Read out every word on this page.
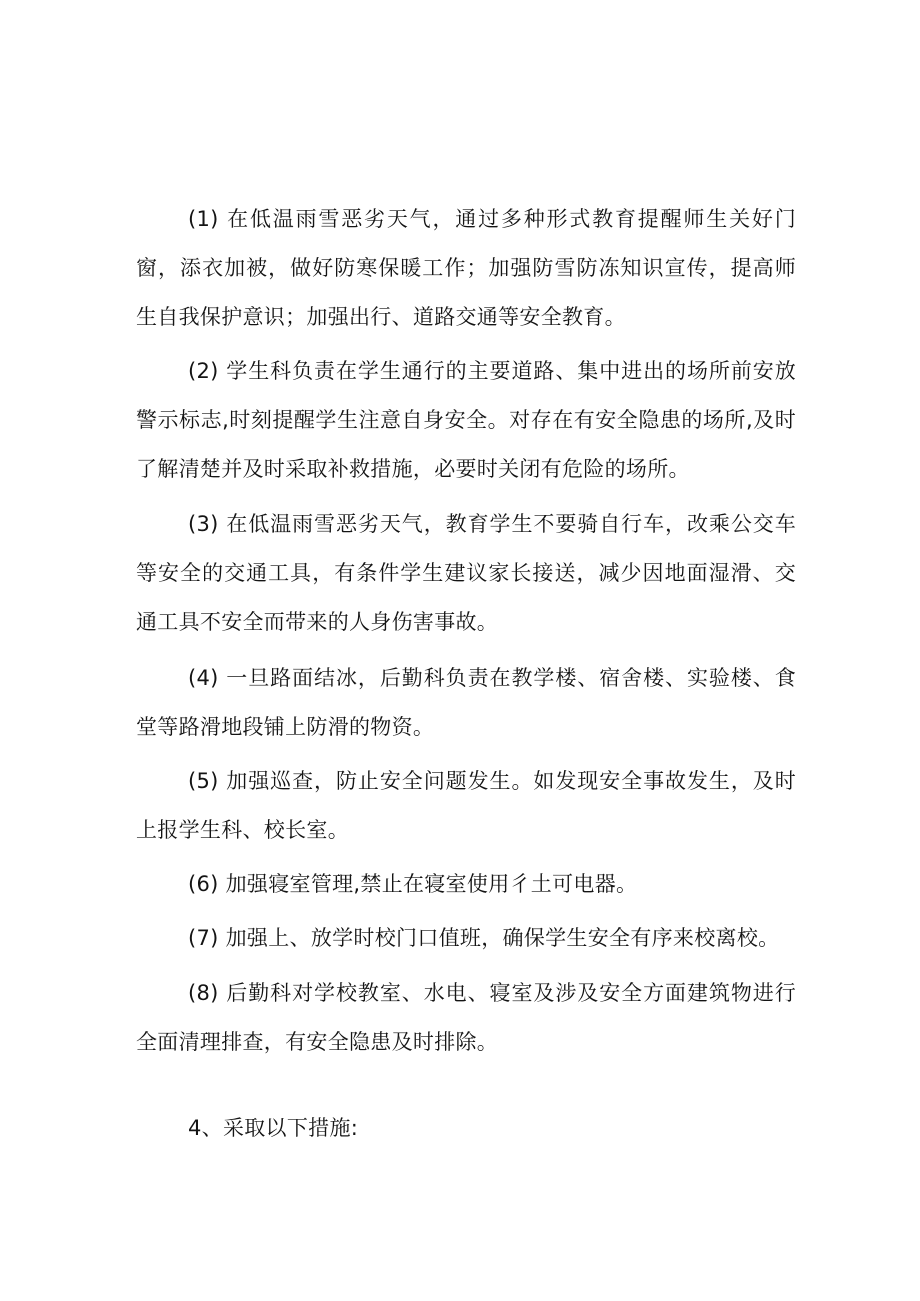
(1) 在低温雨雪恶劣天气，通过多种形式教育提醒师生关好门窗，添衣加被，做好防寒保暖工作；加强防雪防冻知识宣传，提高师生自我保护意识；加强出行、道路交通等安全教育。

(2) 学生科负责在学生通行的主要道路、集中进出的场所前安放警示标志,时刻提醒学生注意自身安全。对存在有安全隐患的场所,及时了解清楚并及时采取补救措施，必要时关闭有危险的场所。

(3) 在低温雨雪恶劣天气，教育学生不要骑自行车，改乘公交车等安全的交通工具，有条件学生建议家长接送，减少因地面湿滑、交通工具不安全而带来的人身伤害事故。

(4) 一旦路面结冰，后勤科负责在教学楼、宿舍楼、实验楼、食堂等路滑地段铺上防滑的物资。

(5) 加强巡查，防止安全问题发生。如发现安全事故发生，及时上报学生科、校长室。

(6) 加强寝室管理,禁止在寝室使用彳土可电器。

(7) 加强上、放学时校门口值班，确保学生安全有序来校离校。

(8) 后勤科对学校教室、水电、寝室及涉及安全方面建筑物进行全面清理排查，有安全隐患及时排除。

4、采取以下措施:
